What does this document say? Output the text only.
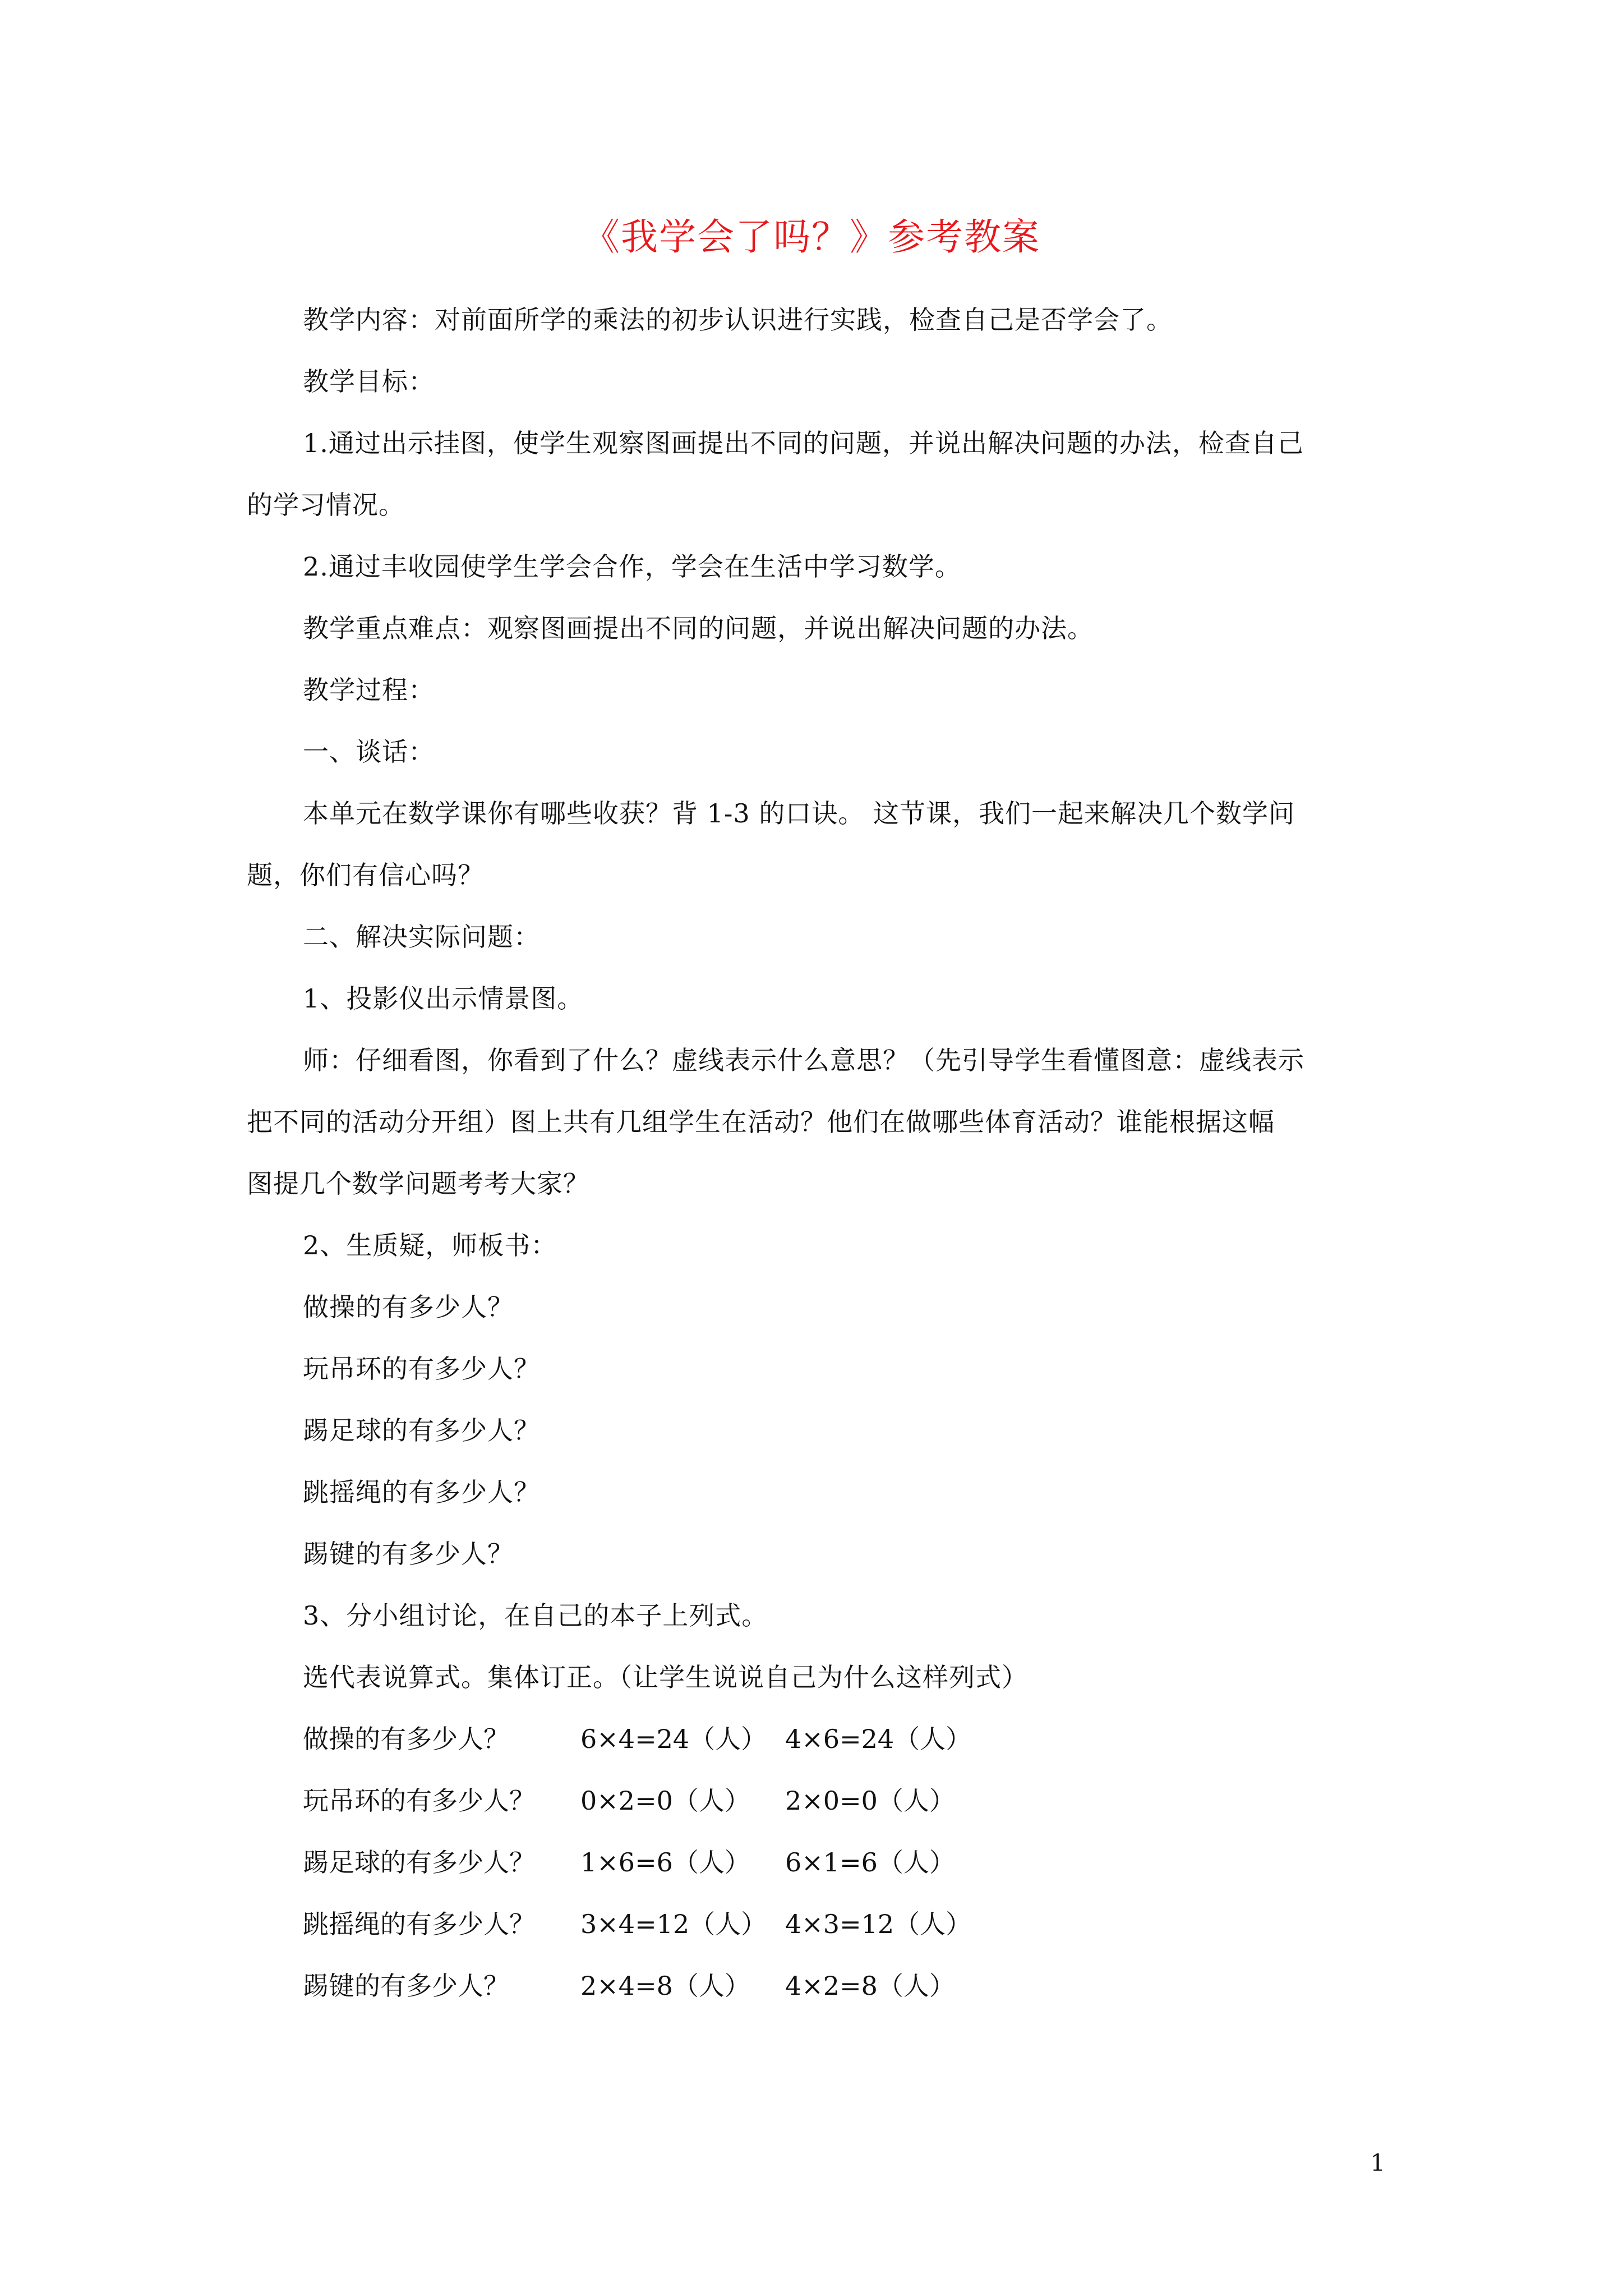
《我学会了吗？》参考教案
教学内容：对前面所学的乘法的初步认识进行实践，检查自己是否学会了。
教学目标：
1.通过出示挂图，使学生观察图画提出不同的问题，并说出解决问题的办法，检查自己
的学习情况。
2.通过丰收园使学生学会合作，学会在生活中学习数学。
教学重点难点：观察图画提出不同的问题，并说出解决问题的办法。
教学过程：
一、谈话：
本单元在数学课你有哪些收获？背 1-3 的口诀。 这节课，我们一起来解决几个数学问
题，你们有信心吗？
二、解决实际问题：
1、投影仪出示情景图。
师：仔细看图，你看到了什么？虚线表示什么意思？（先引导学生看懂图意：虚线表示
把不同的活动分开组）图上共有几组学生在活动？他们在做哪些体育活动？谁能根据这幅
图提几个数学问题考考大家？
2、生质疑，师板书：
做操的有多少人？
玩吊环的有多少人？
踢足球的有多少人？
跳摇绳的有多少人？
踢键的有多少人？
3、分小组讨论，在自己的本子上列式。
选代表说算式。集体订正。（让学生说说自己为什么这样列式）
做操的有多少人？	6×4=24（人） 4×6=24（人）
玩吊环的有多少人？ 0×2=0（人） 2×0=0（人）
踢足球的有多少人？ 1×6=6（人） 6×1=6（人）
跳摇绳的有多少人？ 3×4=12（人） 4×3=12（人）
踢键的有多少人？	2×4=8（人） 4×2=8（人）
1
